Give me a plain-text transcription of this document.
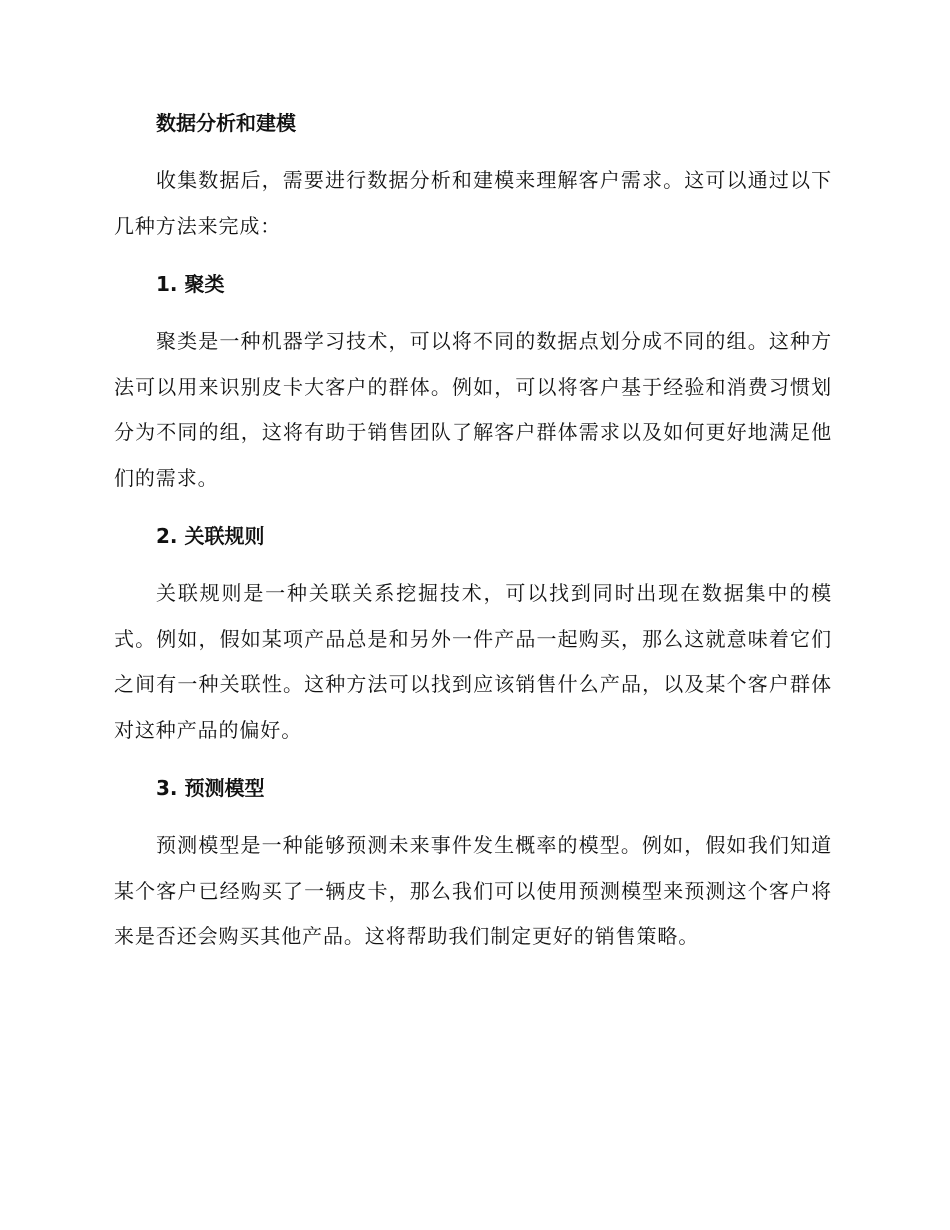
数据分析和建模

收集数据后，需要进行数据分析和建模来理解客户需求。这可以通过以下几种方法来完成：

1. 聚类

聚类是一种机器学习技术，可以将不同的数据点划分成不同的组。这种方法可以用来识别皮卡大客户的群体。例如，可以将客户基于经验和消费习惯划分为不同的组，这将有助于销售团队了解客户群体需求以及如何更好地满足他们的需求。

2. 关联规则

关联规则是一种关联关系挖掘技术，可以找到同时出现在数据集中的模式。例如，假如某项产品总是和另外一件产品一起购买，那么这就意味着它们之间有一种关联性。这种方法可以找到应该销售什么产品，以及某个客户群体对这种产品的偏好。

3. 预测模型

预测模型是一种能够预测未来事件发生概率的模型。例如，假如我们知道某个客户已经购买了一辆皮卡，那么我们可以使用预测模型来预测这个客户将来是否还会购买其他产品。这将帮助我们制定更好的销售策略。
